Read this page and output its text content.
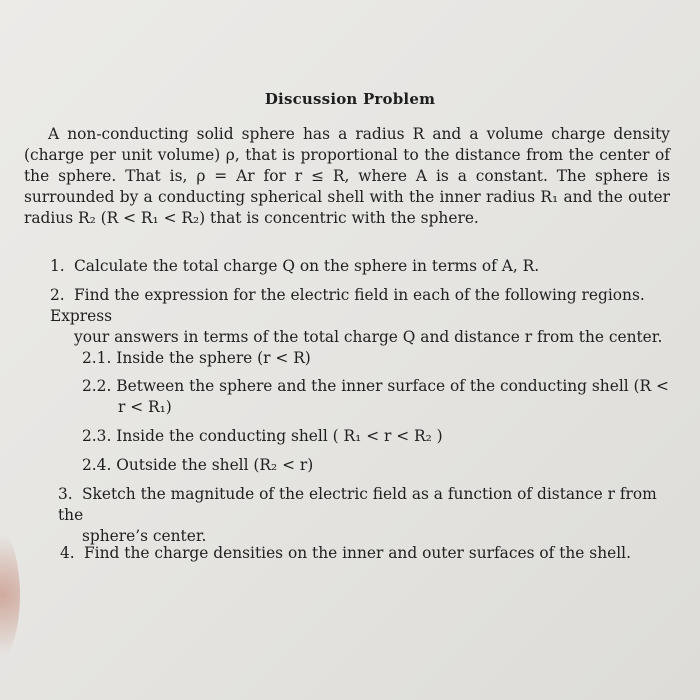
Discussion Problem

A non-conducting solid sphere has a radius R and a volume charge density (charge per unit volume) ρ, that is proportional to the distance from the center of the sphere. That is, ρ = Ar for r ≤ R, where A is a constant. The sphere is surrounded by a conducting spherical shell with the inner radius R₁ and the outer radius R₂ (R < R₁ < R₂) that is concentric with the sphere.

1. Calculate the total charge Q on the sphere in terms of A, R.

2. Find the expression for the electric field in each of the following regions. Express
your answers in terms of the total charge Q and distance r from the center.

2.1. Inside the sphere (r < R)

2.2. Between the sphere and the inner surface of the conducting shell (R <
r < R₁)

2.3. Inside the conducting shell ( R₁ < r < R₂ )

2.4. Outside the shell (R₂ < r)

3. Sketch the magnitude of the electric field as a function of distance r from the
sphere’s center.

4. Find the charge densities on the inner and outer surfaces of the shell.
